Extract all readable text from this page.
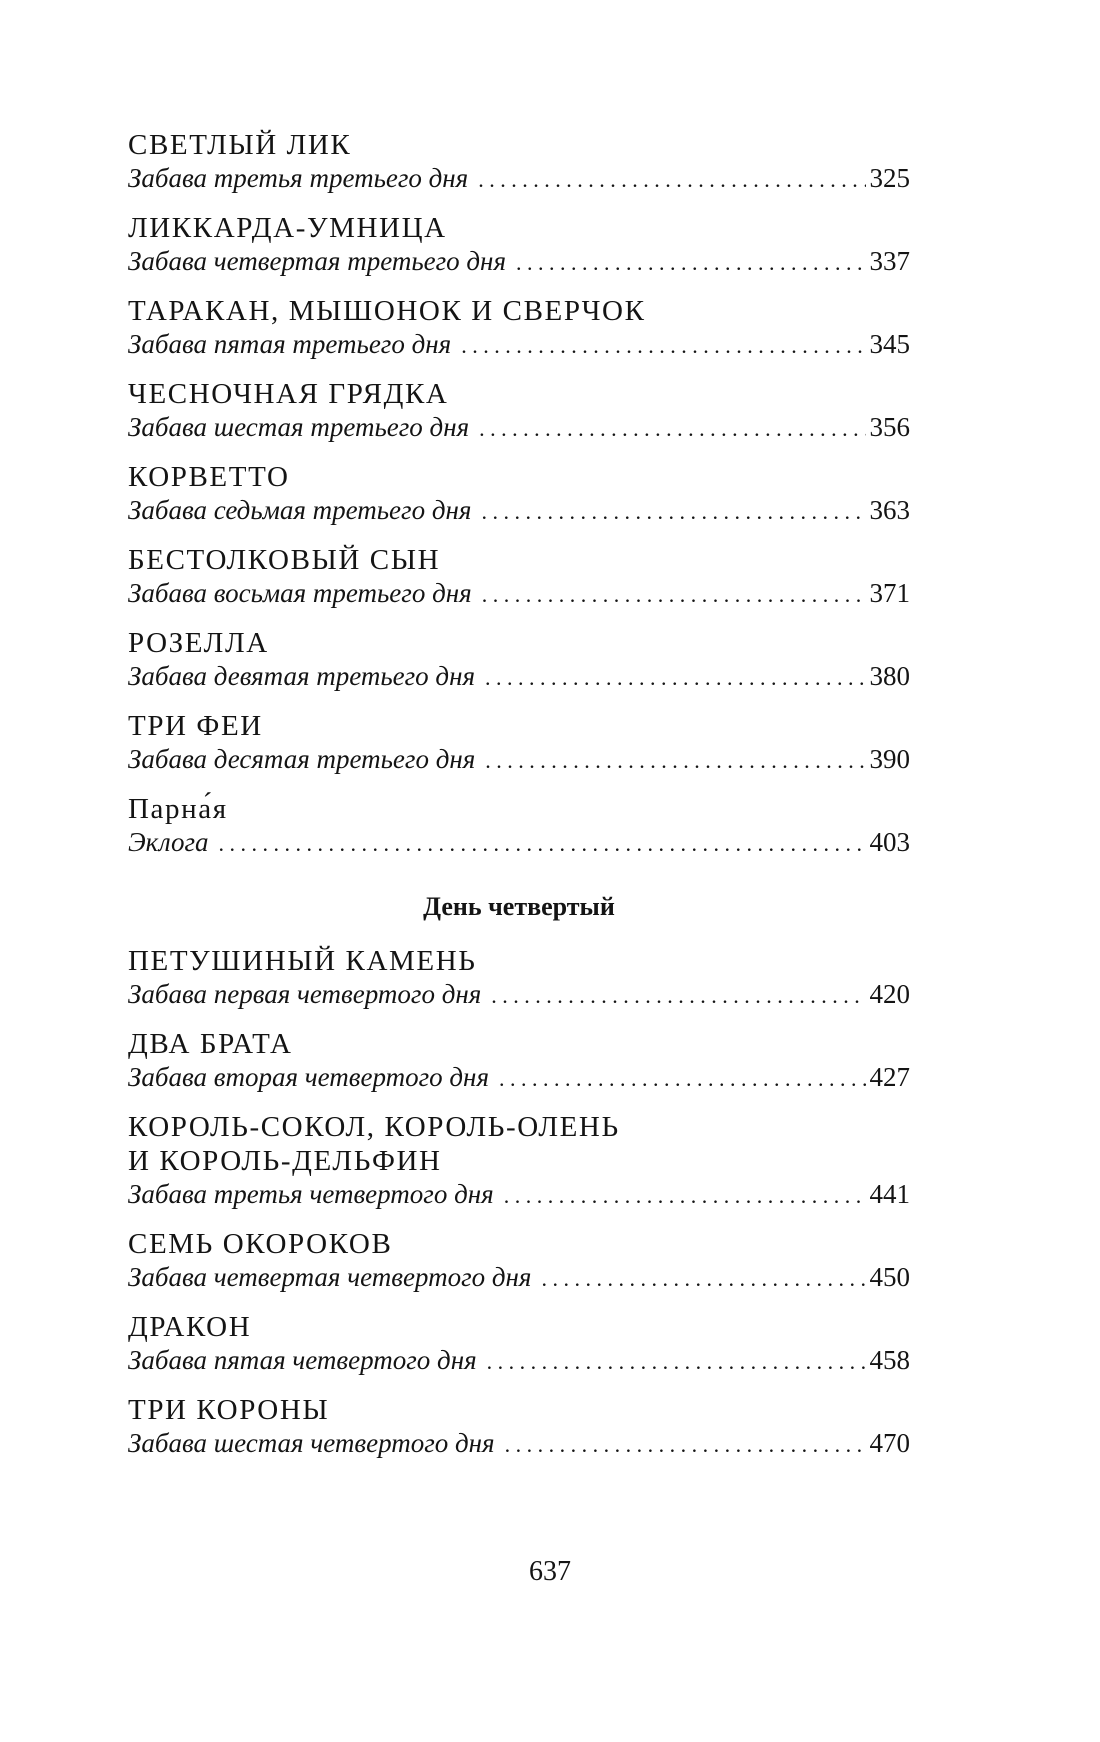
СВЕТЛЫЙ ЛИК
Забава третья третьего дня . . .	325
ЛИККАРДА-УМНИЦА
Забава четвертая третьего дня . . .	337
ТАРАКАН, МЫШОНОК И СВЕРЧОК
Забава пятая третьего дня . . .	345
ЧЕСНОЧНАЯ ГРЯДКА
Забава шестая третьего дня . . .	356
КОРВЕТТО
Забава седьмая третьего дня . . .	363
БЕСТОЛКОВЫЙ СЫН
Забава восьмая третьего дня . . .	371
РОЗЕЛЛА
Забава девятая третьего дня . . .	380
ТРИ ФЕИ
Забава десятая третьего дня . . .	390
Парна́я
Эклога . . .	403
День четвертый
ПЕТУШИНЫЙ КАМЕНЬ
Забава первая четвертого дня . . .	420
ДВА БРАТА
Забава вторая четвертого дня . . .	427
КОРОЛЬ-СОКОЛ, КОРОЛЬ-ОЛЕНЬ
И КОРОЛЬ-ДЕЛЬФИН
Забава третья четвертого дня . . .	441
СЕМЬ ОКОРОКОВ
Забава четвертая четвертого дня . . .	450
ДРАКОН
Забава пятая четвертого дня . . .	458
ТРИ КОРОНЫ
Забава шестая четвертого дня . . .	470
637
